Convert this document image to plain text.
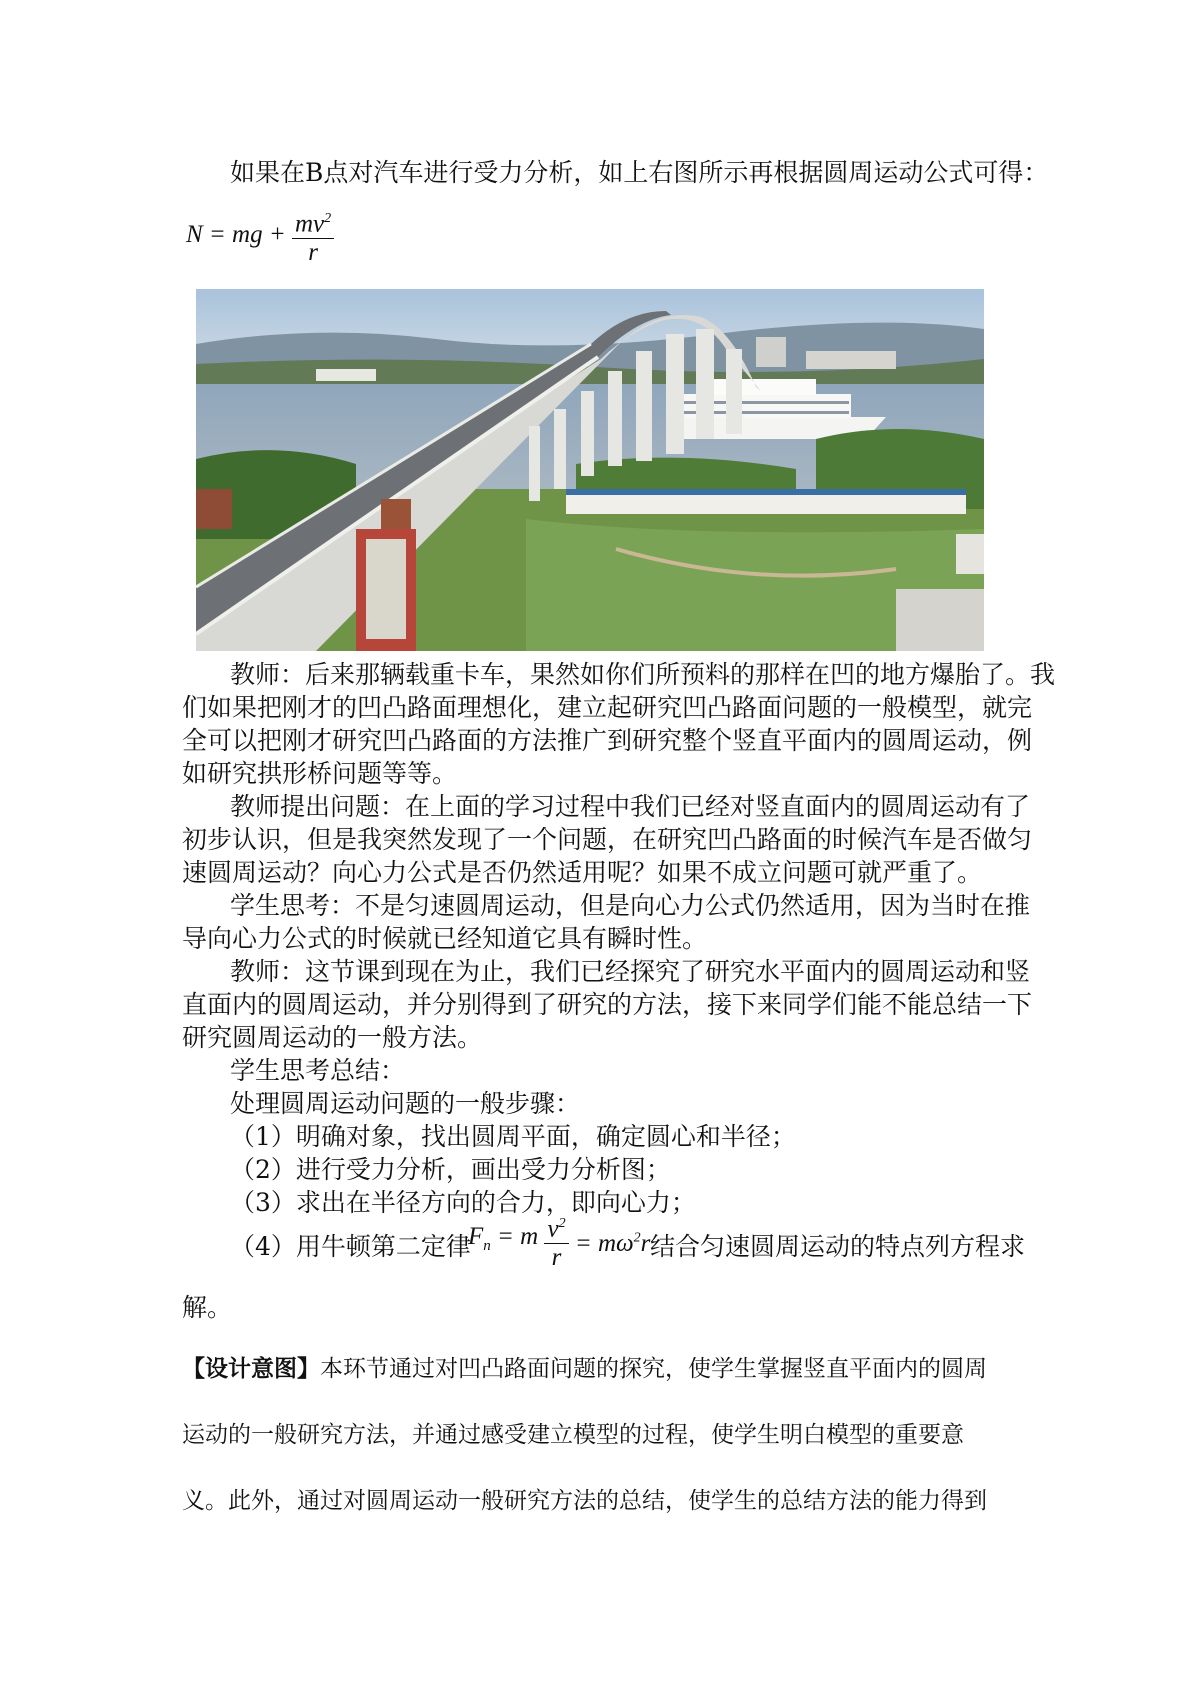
如果在B点对汽车进行受力分析，如上右图所示再根据圆周运动公式可得：
N = mg + $\frac{mv^2}{r}$
教师：后来那辆载重卡车，果然如你们所预料的那样在凹的地方爆胎了。我
们如果把刚才的凹凸路面理想化，建立起研究凹凸路面问题的一般模型，就完
全可以把刚才研究凹凸路面的方法推广到研究整个竖直平面内的圆周运动，例
如研究拱形桥问题等等。
教师提出问题：在上面的学习过程中我们已经对竖直面内的圆周运动有了
初步认识，但是我突然发现了一个问题，在研究凹凸路面的时候汽车是否做匀
速圆周运动？向心力公式是否仍然适用呢？如果不成立问题可就严重了。
学生思考：不是匀速圆周运动，但是向心力公式仍然适用，因为当时在推
导向心力公式的时候就已经知道它具有瞬时性。
教师：这节课到现在为止，我们已经探究了研究水平面内的圆周运动和竖
直面内的圆周运动，并分别得到了研究的方法，接下来同学们能不能总结一下
研究圆周运动的一般方法。
学生思考总结：
处理圆周运动问题的一般步骤：
（1）明确对象，找出圆周平面，确定圆心和半径；
（2）进行受力分析，画出受力分析图；
（3）求出在半径方向的合力，即向心力；
（4）用牛顿第二定律
$F_n = m \frac{v^2}{r} = m\omega^2r$ 结合匀速圆周运动的特点列方程求
解。
【设计意图】本环节通过对凹凸路面问题的探究，使学生掌握竖直平面内的圆周
运动的一般研究方法，并通过感受建立模型的过程，使学生明白模型的重要意
义。此外，通过对圆周运动一般研究方法的总结，使学生的总结方法的能力得到
